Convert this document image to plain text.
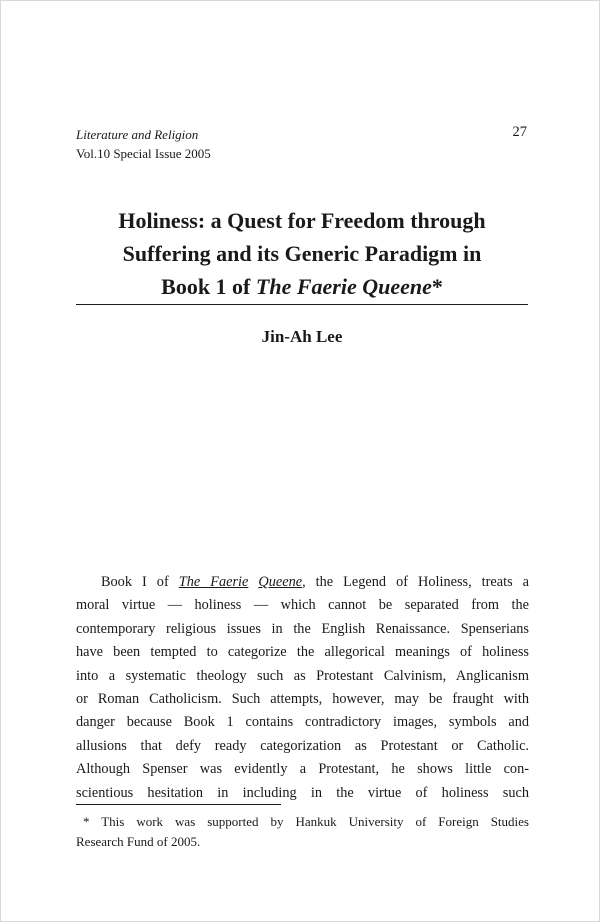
Literature and Religion
Vol.10 Special Issue 2005
27
Holiness: a Quest for Freedom through
Suffering and its Generic Paradigm in
Book 1 of The Faerie Queene*
Jin-Ah Lee
Book I of The Faerie Queene, the Legend of Holiness, treats a
moral virtue — holiness — which cannot be separated from the
contemporary religious issues in the English Renaissance. Spenserians
have been tempted to categorize the allegorical meanings of holiness
into a systematic theology such as Protestant Calvinism, Anglicanism
or Roman Catholicism. Such attempts, however, may be fraught with
danger because Book 1 contains contradictory images, symbols and
allusions that defy ready categorization as Protestant or Catholic.
Although Spenser was evidently a Protestant, he shows little con-
scientious hesitation in including in the virtue of holiness such
* This work was supported by Hankuk University of Foreign Studies
Research Fund of 2005.
